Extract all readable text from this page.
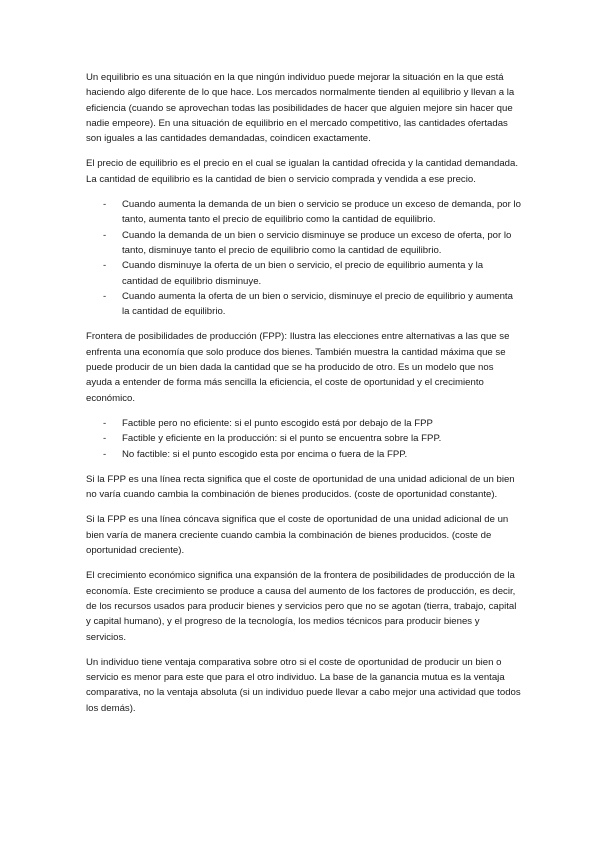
Un equilibrio es una situación en la que ningún individuo puede mejorar la situación en la que está haciendo algo diferente de lo que hace. Los mercados normalmente tienden al equilibrio y llevan a la eficiencia (cuando se aprovechan todas las posibilidades de hacer que alguien mejore sin hacer que nadie empeore). En una situación de equilibrio en el mercado competitivo, las cantidades ofertadas son iguales a las cantidades demandadas, coindicen exactamente.

El precio de equilibrio es el precio en el cual se igualan la cantidad ofrecida y la cantidad demandada. La cantidad de equilibrio es la cantidad de bien o servicio comprada y vendida a ese precio.

- Cuando aumenta la demanda de un bien o servicio se produce un exceso de demanda, por lo tanto, aumenta tanto el precio de equilibrio como la cantidad de equilibrio.
- Cuando la demanda de un bien o servicio disminuye se produce un exceso de oferta, por lo tanto, disminuye tanto el precio de equilibrio como la cantidad de equilibrio.
- Cuando disminuye la oferta de un bien o servicio, el precio de equilibrio aumenta y la cantidad de equilibrio disminuye.
- Cuando aumenta la oferta de un bien o servicio, disminuye el precio de equilibrio y aumenta la cantidad de equilibrio.

Frontera de posibilidades de producción (FPP): Ilustra las elecciones entre alternativas a las que se enfrenta una economía que solo produce dos bienes. También muestra la cantidad máxima que se puede producir de un bien dada la cantidad que se ha producido de otro. Es un modelo que nos ayuda a entender de forma más sencilla la eficiencia, el coste de oportunidad y el crecimiento económico.

- Factible pero no eficiente: si el punto escogido está por debajo de la FPP
- Factible y eficiente en la producción: si el punto se encuentra sobre la FPP.
- No factible: si el punto escogido esta por encima o fuera de la FPP.

Si la FPP es una línea recta significa que el coste de oportunidad de una unidad adicional de un bien no varía cuando cambia la combinación de bienes producidos. (coste de oportunidad constante).

Si la FPP es una línea cóncava significa que el coste de oportunidad de una unidad adicional de un bien varía de manera creciente cuando cambia la combinación de bienes producidos. (coste de oportunidad creciente).

El crecimiento económico significa una expansión de la frontera de posibilidades de producción de la economía. Este crecimiento se produce a causa del aumento de los factores de producción, es decir, de los recursos usados para producir bienes y servicios pero que no se agotan (tierra, trabajo, capital y capital humano), y el progreso de la tecnología, los medios técnicos para producir bienes y servicios.

Un individuo tiene ventaja comparativa sobre otro si el coste de oportunidad de producir un bien o servicio es menor para este que para el otro individuo. La base de la ganancia mutua es la ventaja comparativa, no la ventaja absoluta (si un individuo puede llevar a cabo mejor una actividad que todos los demás).
